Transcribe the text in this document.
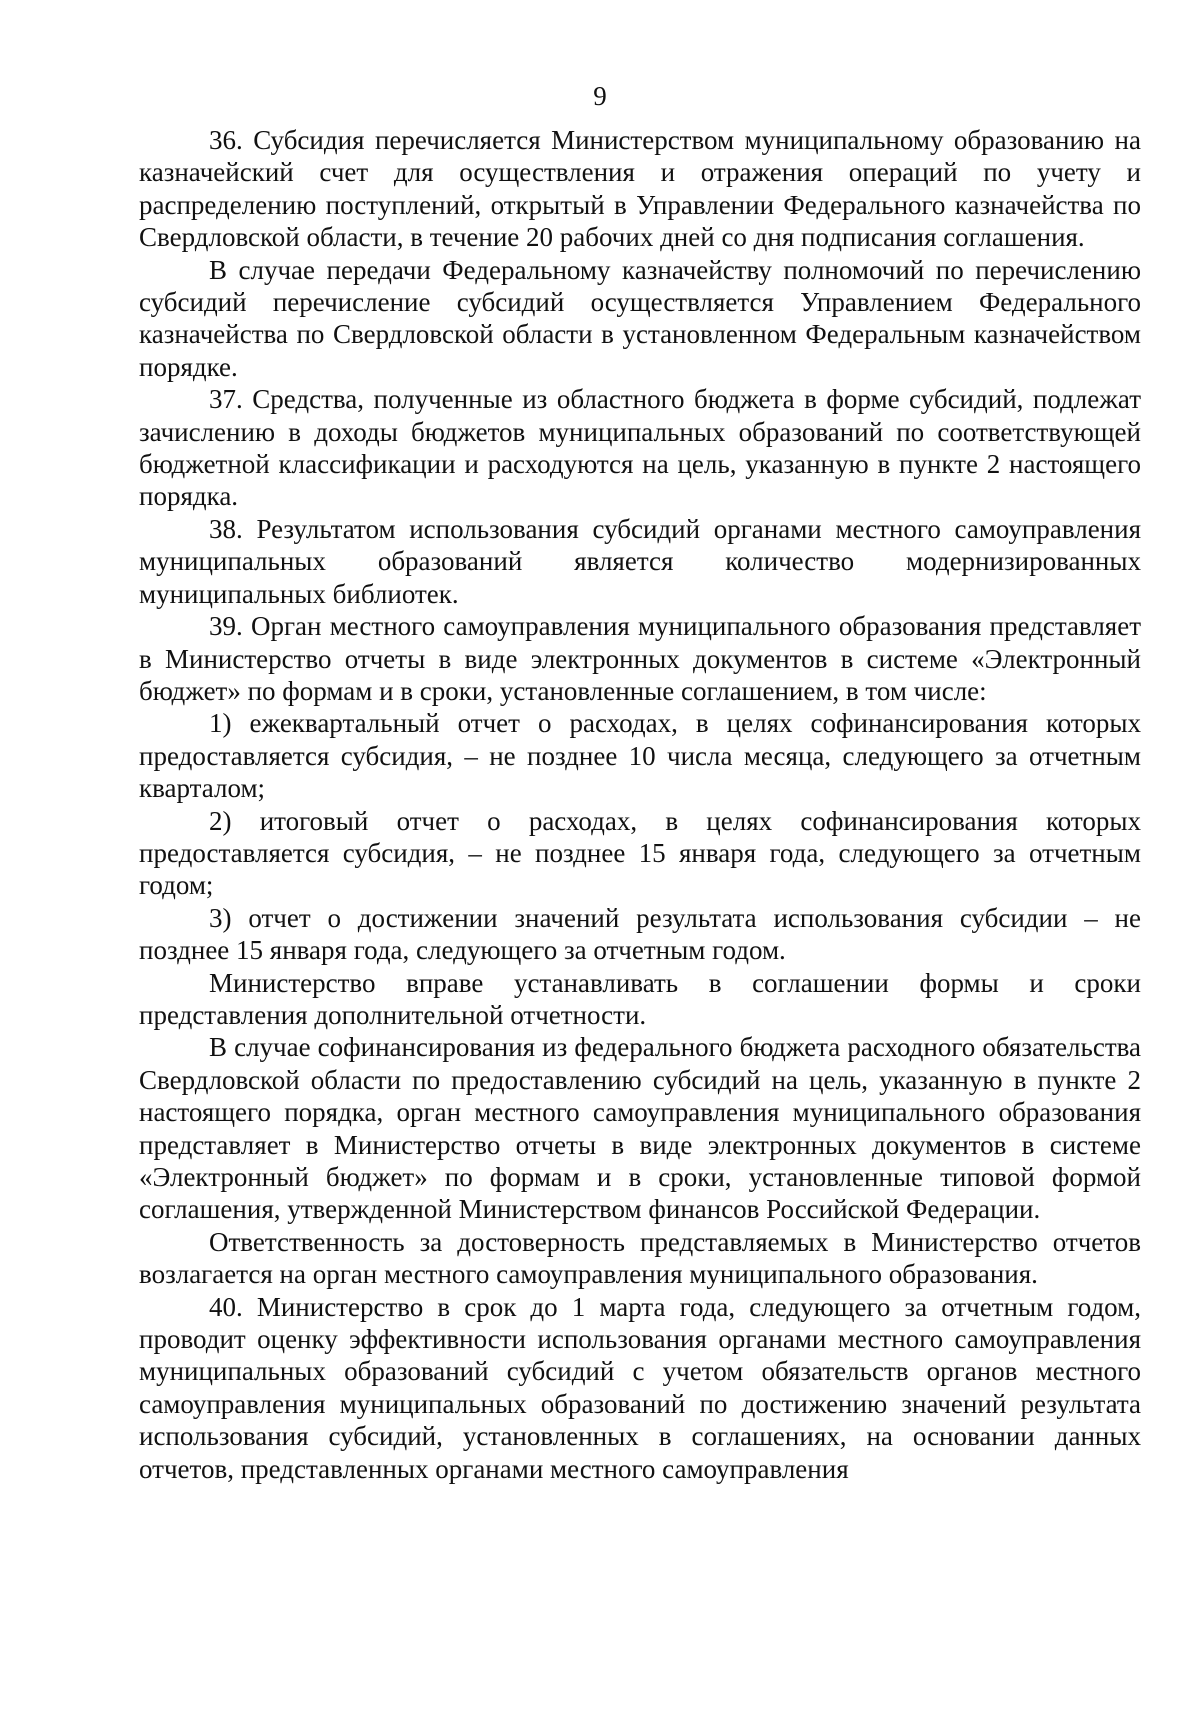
9

36. Субсидия перечисляется Министерством муниципальному образованию на казначейский счет для осуществления и отражения операций по учету и распределению поступлений, открытый в Управлении Федерального казначейства по Свердловской области, в течение 20 рабочих дней со дня подписания соглашения.

В случае передачи Федеральному казначейству полномочий по перечислению субсидий перечисление субсидий осуществляется Управлением Федерального казначейства по Свердловской области в установленном Федеральным казначейством порядке.

37. Средства, полученные из областного бюджета в форме субсидий, подлежат зачислению в доходы бюджетов муниципальных образований по соответствующей бюджетной классификации и расходуются на цель, указанную в пункте 2 настоящего порядка.

38. Результатом использования субсидий органами местного самоуправления муниципальных образований является количество модернизированных муниципальных библиотек.

39. Орган местного самоуправления муниципального образования представляет в Министерство отчеты в виде электронных документов в системе «Электронный бюджет» по формам и в сроки, установленные соглашением, в том числе:

1) ежеквартальный отчет о расходах, в целях софинансирования которых предоставляется субсидия, – не позднее 10 числа месяца, следующего за отчетным кварталом;

2) итоговый отчет о расходах, в целях софинансирования которых предоставляется субсидия, – не позднее 15 января года, следующего за отчетным годом;

3) отчет о достижении значений результата использования субсидии – не позднее 15 января года, следующего за отчетным годом.

Министерство вправе устанавливать в соглашении формы и сроки представления дополнительной отчетности.

В случае софинансирования из федерального бюджета расходного обязательства Свердловской области по предоставлению субсидий на цель, указанную в пункте 2 настоящего порядка, орган местного самоуправления муниципального образования представляет в Министерство отчеты в виде электронных документов в системе «Электронный бюджет» по формам и в сроки, установленные типовой формой соглашения, утвержденной Министерством финансов Российской Федерации.

Ответственность за достоверность представляемых в Министерство отчетов возлагается на орган местного самоуправления муниципального образования.

40. Министерство в срок до 1 марта года, следующего за отчетным годом, проводит оценку эффективности использования органами местного самоуправления муниципальных образований субсидий с учетом обязательств органов местного самоуправления муниципальных образований по достижению значений результата использования субсидий, установленных в соглашениях, на основании данных отчетов, представленных органами местного самоуправления
